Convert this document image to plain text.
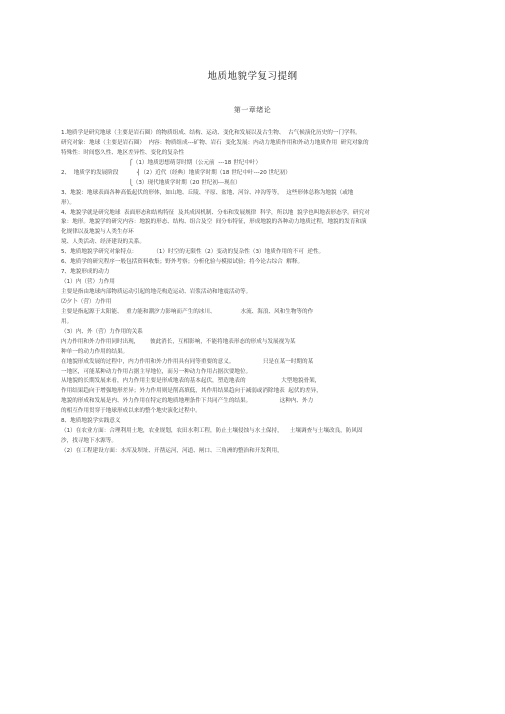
地质地貌学复习提纲
第一章绪论
1.地质学是研究地球（主要是岩石圈）的物质组成、结构、运动、变化和发展以及古生物、  古气候演化历史的一门学科。
研究对象：地球（主要是岩石圈）  内容：物质组成---矿物、岩石  变化发展：内动力地质作用和外动力地质作用  研究对象的
特殊性：时间悠久性、地区差异性、变化的复杂性
⎧（1）地质思想萌芽时期（公元前  ---18 世纪中叶）
2、  地质学的发展阶段          ⎨（2）近代（经典）地质学时期（18 世纪中叶---20 世纪初）
⎩（3）现代地质学时期（20 世纪初---现在）
3、地貌：地球表面各种高低起伏的形体，如山地、丘陵、平原、盆地、河谷、冲沟等等，  这些形体总称为地貌（或地
形）。
4、地貌学就是研究地球  表面形态和结构特征  及其成因机制、分布和发展规律  科学，所以地  貌学也叫地表形态学。研究对
象：地形。地貌学的研究内容：地貌的形态、结构、组合及空  间分布特征，形成地貌的各种动力地质过程，地貌的发育和演
化规律以及地貌与人类生存环
境、人类活动、经济建设的关系。
5、地质地貌学研究对象特点：         （1）时空的无限性（2）变动的复杂性（3）地质作用的不可  逆性。
6、地质学的研究程序一般包括资料收集；野外考察；分析化验与模拟试验；将今论古综合  解释。
7、地貌形成的动力
（1）内（营）力作用
主要是指由地球内部物质运动引起的地壳构造运动、岩浆活动和地震活动等。
⑵夕卜（营）力作用
主要是指起源于太阳能、  重力能和潮汐力影响而产生的冰川、              水流、海浪、风和生物等的作
用。
（3）内、外（营）力作用的关系
内力作用和外力作用同时出现，      彼此消长，互相影响，不能将地表形态的形成与发展视为某
种单一的动力作用的结果。
在地貌形成发展的过程中，内力作用和外力作用具有同等重要的意义。                只是在某一时期的某
一地区，可能某种动力作用占据主导地位，而另一种动力作用占据次要地位。
从地貌的长期发展来看，内力作用主要是形成地表的基本起伏，塑造地表的                    大型地貌骨架，
作用结果趋向于增强地形差异；外力作用则是削高填低，其作用结果趋向于减弱或消除地表  起伏的差异，
地貌的形成和发展是内、外力作用在特定的地质地理条件下共同产生的结果。                这种内、外力
的相互作用贯穿于地球形成以来的整个地史演化过程中。
8、地质地貌学实践意义
（1）在农业方面：合理利用土地，农业规划，农田水利工程，防止土壤侵蚀与水土保持，    土壤调查与土壤改良，防风固
沙，找寻地下水源等。
（2）在工程建设方面：水库及坝址、开凿运河，河道、闸口、三角洲的整治和开发利用，
